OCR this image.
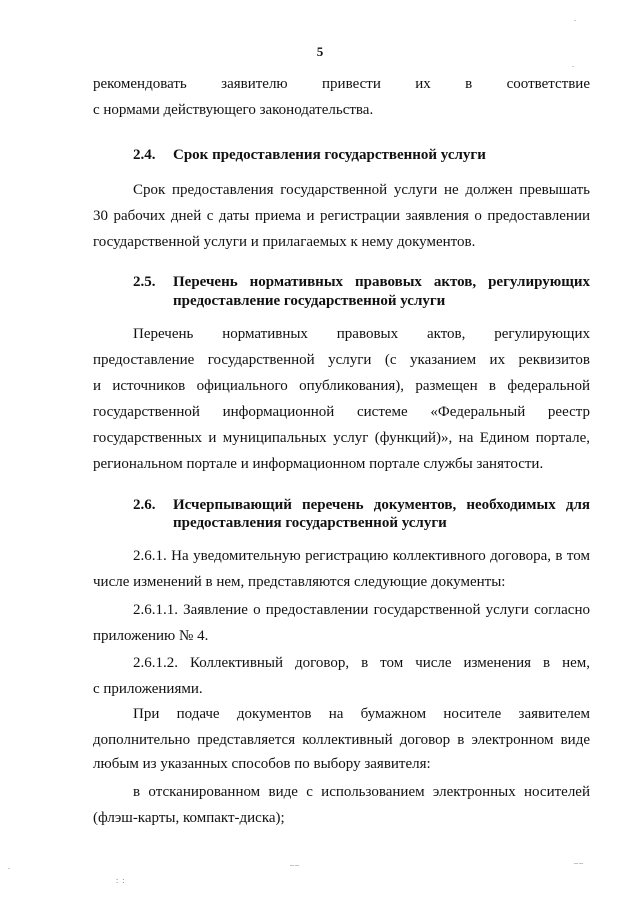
5
рекомендовать заявителю привести их в соответствие
с нормами действующего законодательства.
2.4. Срок предоставления государственной услуги
Срок предоставления государственной услуги не должен превышать
30 рабочих дней с даты приема и регистрации заявления о предоставлении
государственной услуги и прилагаемых к нему документов.
2.5. Перечень нормативных правовых актов, регулирующих
предоставление государственной услуги
Перечень нормативных правовых актов, регулирующих
предоставление государственной услуги (с указанием их реквизитов
и источников официального опубликования), размещен в федеральной
государственной информационной системе «Федеральный реестр
государственных и муниципальных услуг (функций)», на Едином портале,
региональном портале и информационном портале службы занятости.
2.6. Исчерпывающий перечень документов, необходимых для
предоставления государственной услуги
2.6.1. На уведомительную регистрацию коллективного договора, в том
числе изменений в нем, представляются следующие документы:
2.6.1.1. Заявление о предоставлении государственной услуги согласно
приложению № 4.
2.6.1.2. Коллективный договор, в том числе изменения в нем,
с приложениями.
При подаче документов на бумажном носителе заявителем
дополнительно представляется коллективный договор в электронном виде
любым из указанных способов по выбору заявителя:
в отсканированном виде с использованием электронных носителей
(флэш-карты, компакт-диска);
.
.
__	__
.
: :
